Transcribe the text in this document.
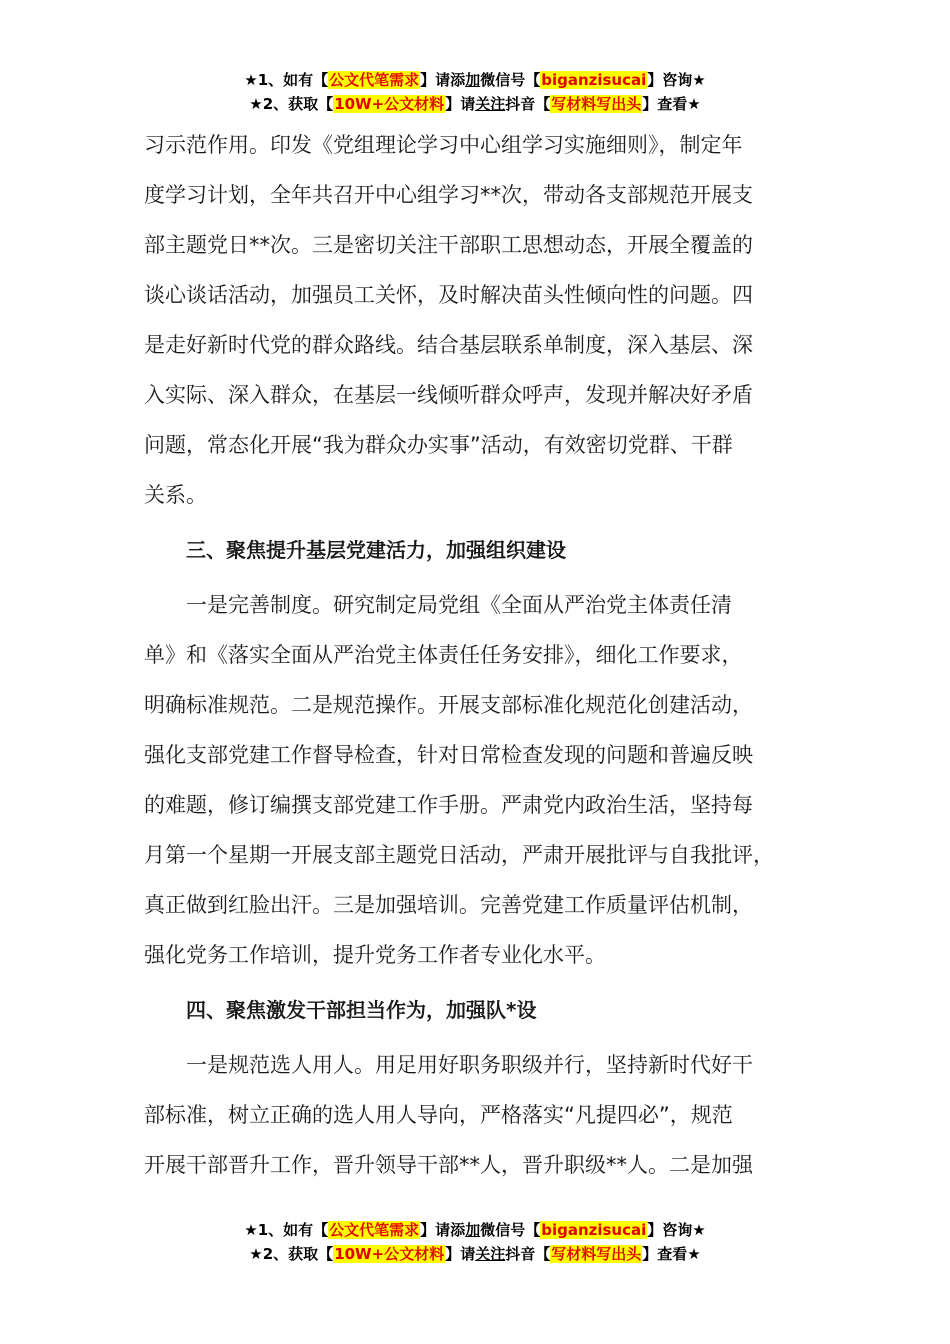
★1、如有【公文代笔需求】请添加微信号【biganzisucai】咨询★
★2、获取【10W+公文材料】请关注抖音【写材料写出头】查看★

习示范作用。印发《党组理论学习中心组学习实施细则》，制定年
度学习计划，全年共召开中心组学习**次，带动各支部规范开展支
部主题党日**次。三是密切关注干部职工思想动态，开展全覆盖的
谈心谈话活动，加强员工关怀，及时解决苗头性倾向性的问题。四
是走好新时代党的群众路线。结合基层联系单制度，深入基层、深
入实际、深入群众，在基层一线倾听群众呼声，发现并解决好矛盾
问题，常态化开展“我为群众办实事”活动，有效密切党群、干群
关系。

三、聚焦提升基层党建活力，加强组织建设

一是完善制度。研究制定局党组《全面从严治党主体责任清
单》和《落实全面从严治党主体责任任务安排》，细化工作要求，
明确标准规范。二是规范操作。开展支部标准化规范化创建活动，
强化支部党建工作督导检查，针对日常检查发现的问题和普遍反映
的难题，修订编撰支部党建工作手册。严肃党内政治生活，坚持每
月第一个星期一开展支部主题党日活动，严肃开展批评与自我批评，
真正做到红脸出汗。三是加强培训。完善党建工作质量评估机制，
强化党务工作培训，提升党务工作者专业化水平。

四、聚焦激发干部担当作为，加强队*设

一是规范选人用人。用足用好职务职级并行，坚持新时代好干
部标准，树立正确的选人用人导向，严格落实“凡提四必”，规范
开展干部晋升工作，晋升领导干部**人，晋升职级**人。二是加强

★1、如有【公文代笔需求】请添加微信号【biganzisucai】咨询★
★2、获取【10W+公文材料】请关注抖音【写材料写出头】查看★
